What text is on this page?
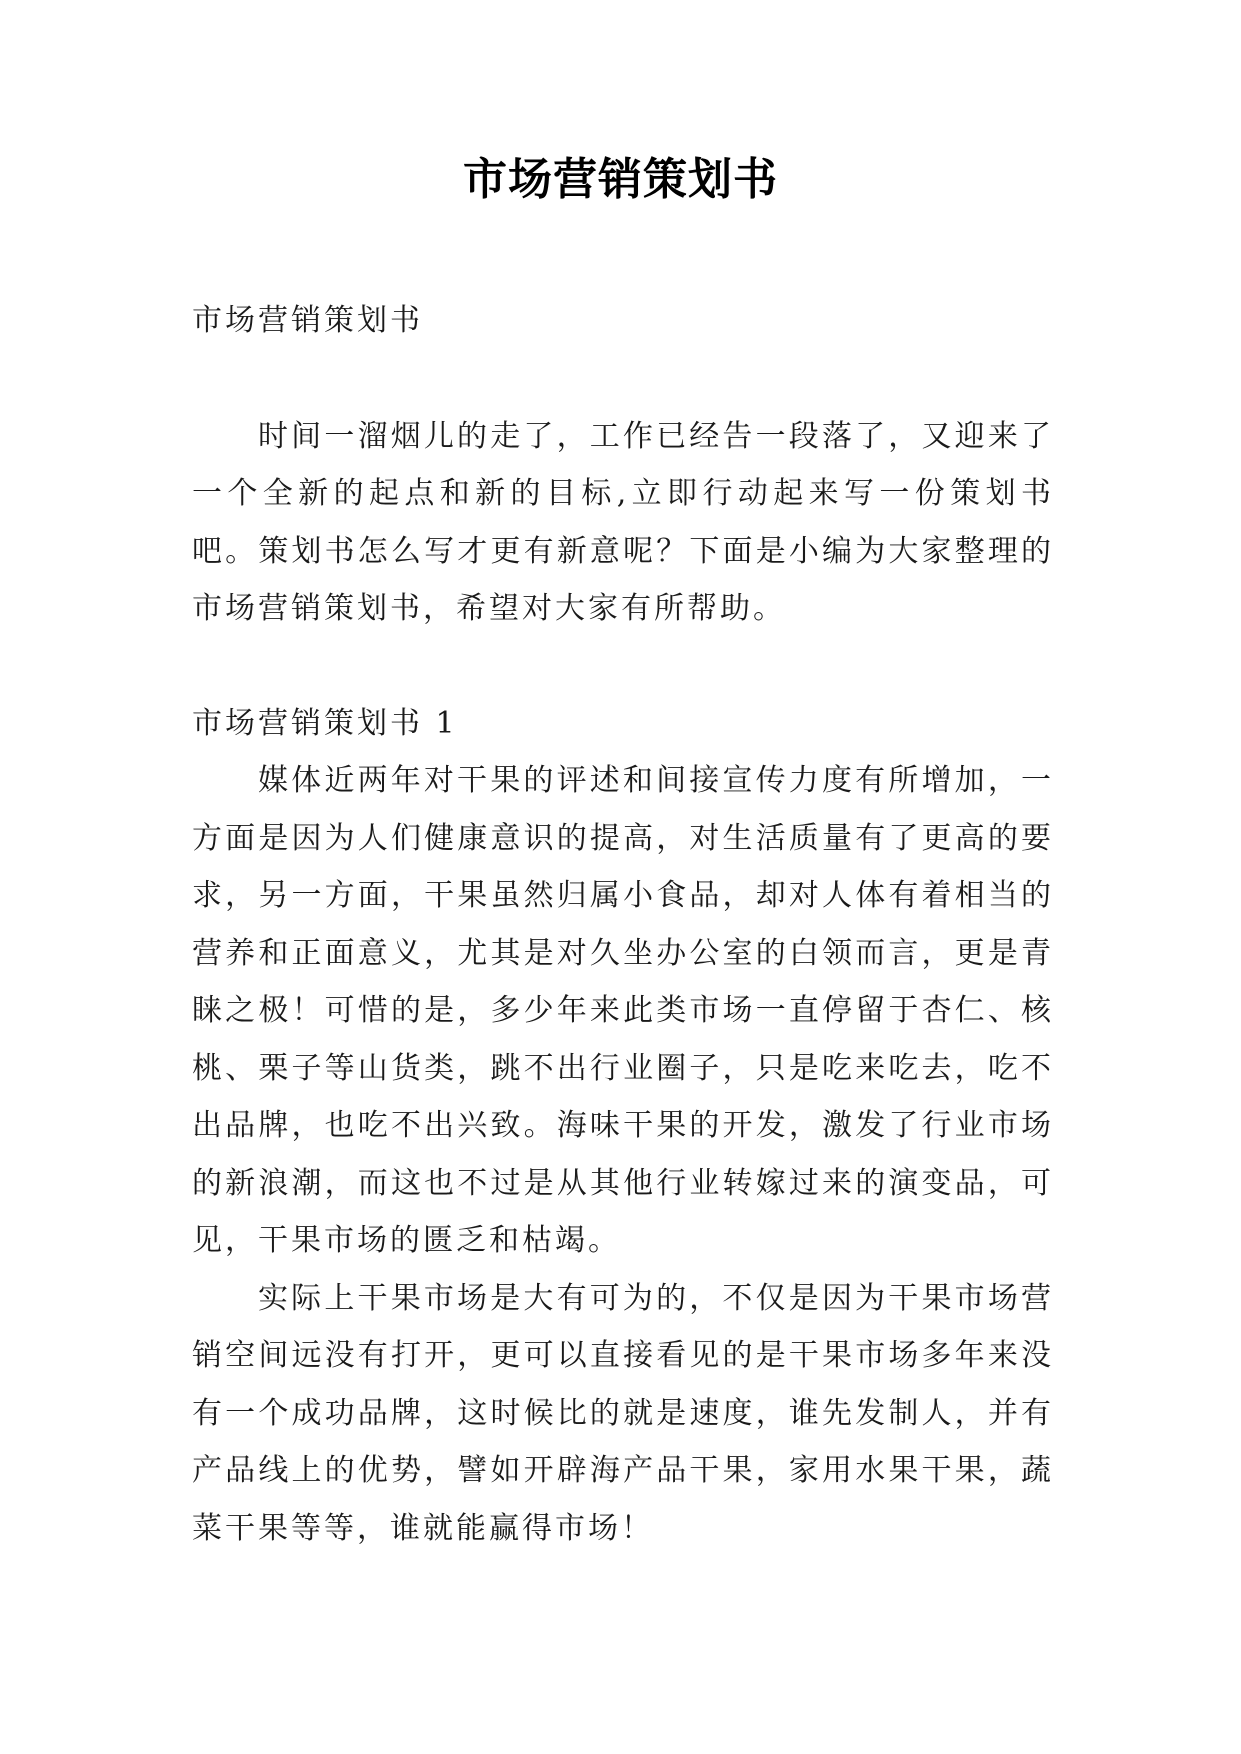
市场营销策划书

市场营销策划书

时间一溜烟儿的走了，工作已经告一段落了，又迎来了一个全新的起点和新的目标,立即行动起来写一份策划书吧。策划书怎么写才更有新意呢？下面是小编为大家整理的市场营销策划书，希望对大家有所帮助。

市场营销策划书 1

媒体近两年对干果的评述和间接宣传力度有所增加，一方面是因为人们健康意识的提高，对生活质量有了更高的要求，另一方面，干果虽然归属小食品，却对人体有着相当的营养和正面意义，尤其是对久坐办公室的白领而言，更是青睐之极！可惜的是，多少年来此类市场一直停留于杏仁、核桃、栗子等山货类，跳不出行业圈子，只是吃来吃去，吃不出品牌，也吃不出兴致。海味干果的开发，激发了行业市场的新浪潮，而这也不过是从其他行业转嫁过来的演变品，可见，干果市场的匮乏和枯竭。

实际上干果市场是大有可为的，不仅是因为干果市场营销空间远没有打开，更可以直接看见的是干果市场多年来没有一个成功品牌，这时候比的就是速度，谁先发制人，并有产品线上的优势，譬如开辟海产品干果，家用水果干果，蔬菜干果等等，谁就能赢得市场！
